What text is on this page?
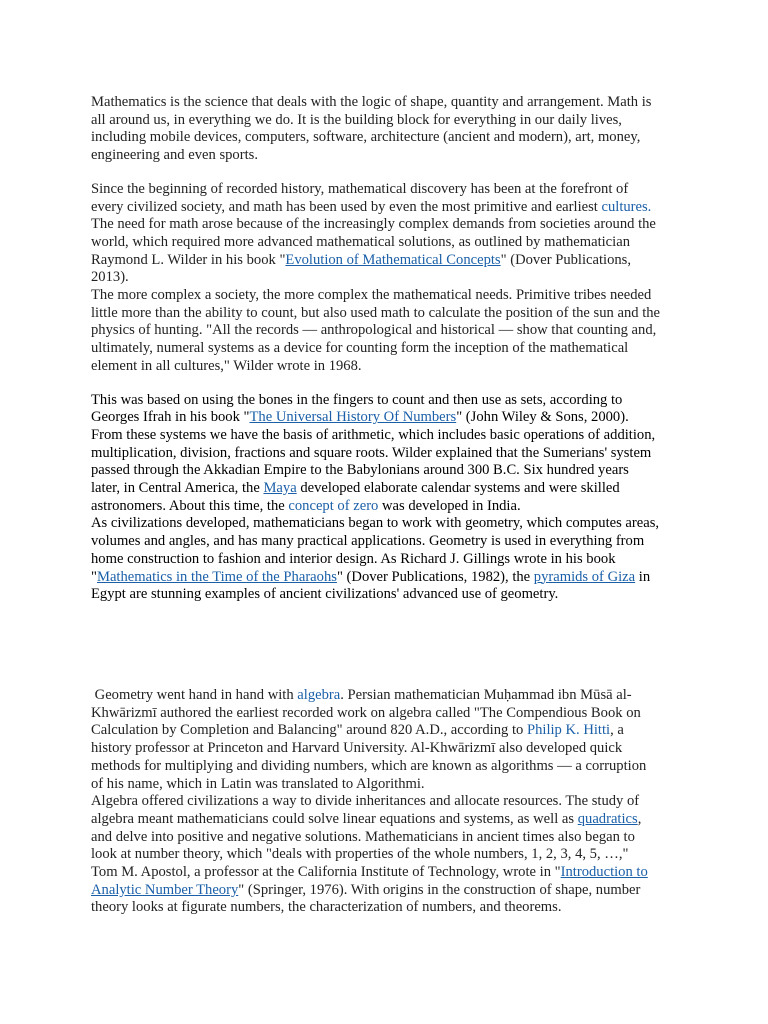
Mathematics is the science that deals with the logic of shape, quantity and arrangement. Math is

all around us, in everything we do. It is the building block for everything in our daily lives,

including mobile devices, computers, software, architecture (ancient and modern), art, money,

engineering and even sports.

Since the beginning of recorded history, mathematical discovery has been at the forefront of

every civilized society, and math has been used by even the most primitive and earliest cultures.

The need for math arose because of the increasingly complex demands from societies around the

world, which required more advanced mathematical solutions, as outlined by mathematician

Raymond L. Wilder in his book "Evolution of Mathematical Concepts" (Dover Publications,

2013).

The more complex a society, the more complex the mathematical needs. Primitive tribes needed

little more than the ability to count, but also used math to calculate the position of the sun and the

physics of hunting. "All the records — anthropological and historical — show that counting and,

ultimately, numeral systems as a device for counting form the inception of the mathematical

element in all cultures," Wilder wrote in 1968.

This was based on using the bones in the fingers to count and then use as sets, according to

Georges Ifrah in his book "The Universal History Of Numbers" (John Wiley & Sons, 2000).

From these systems we have the basis of arithmetic, which includes basic operations of addition,

multiplication, division, fractions and square roots. Wilder explained that the Sumerians' system

passed through the Akkadian Empire to the Babylonians around 300 B.C. Six hundred years

later, in Central America, the Maya developed elaborate calendar systems and were skilled

astronomers. About this time, the concept of zero was developed in India.

As civilizations developed, mathematicians began to work with geometry, which computes areas,

volumes and angles, and has many practical applications. Geometry is used in everything from

home construction to fashion and interior design. As Richard J. Gillings wrote in his book

"Mathematics in the Time of the Pharaohs" (Dover Publications, 1982), the pyramids of Giza in

Egypt are stunning examples of ancient civilizations' advanced use of geometry.

Geometry went hand in hand with algebra. Persian mathematician Muḥammad ibn Mūsā al-

Khwārizmī authored the earliest recorded work on algebra called "The Compendious Book on

Calculation by Completion and Balancing" around 820 A.D., according to Philip K. Hitti, a

history professor at Princeton and Harvard University. Al-Khwārizmī also developed quick

methods for multiplying and dividing numbers, which are known as algorithms — a corruption

of his name, which in Latin was translated to Algorithmi.

Algebra offered civilizations a way to divide inheritances and allocate resources. The study of

algebra meant mathematicians could solve linear equations and systems, as well as quadratics,

and delve into positive and negative solutions. Mathematicians in ancient times also began to

look at number theory, which "deals with properties of the whole numbers, 1, 2, 3, 4, 5, …,"

Tom M. Apostol, a professor at the California Institute of Technology, wrote in "Introduction to

Analytic Number Theory" (Springer, 1976). With origins in the construction of shape, number

theory looks at figurate numbers, the characterization of numbers, and theorems.
